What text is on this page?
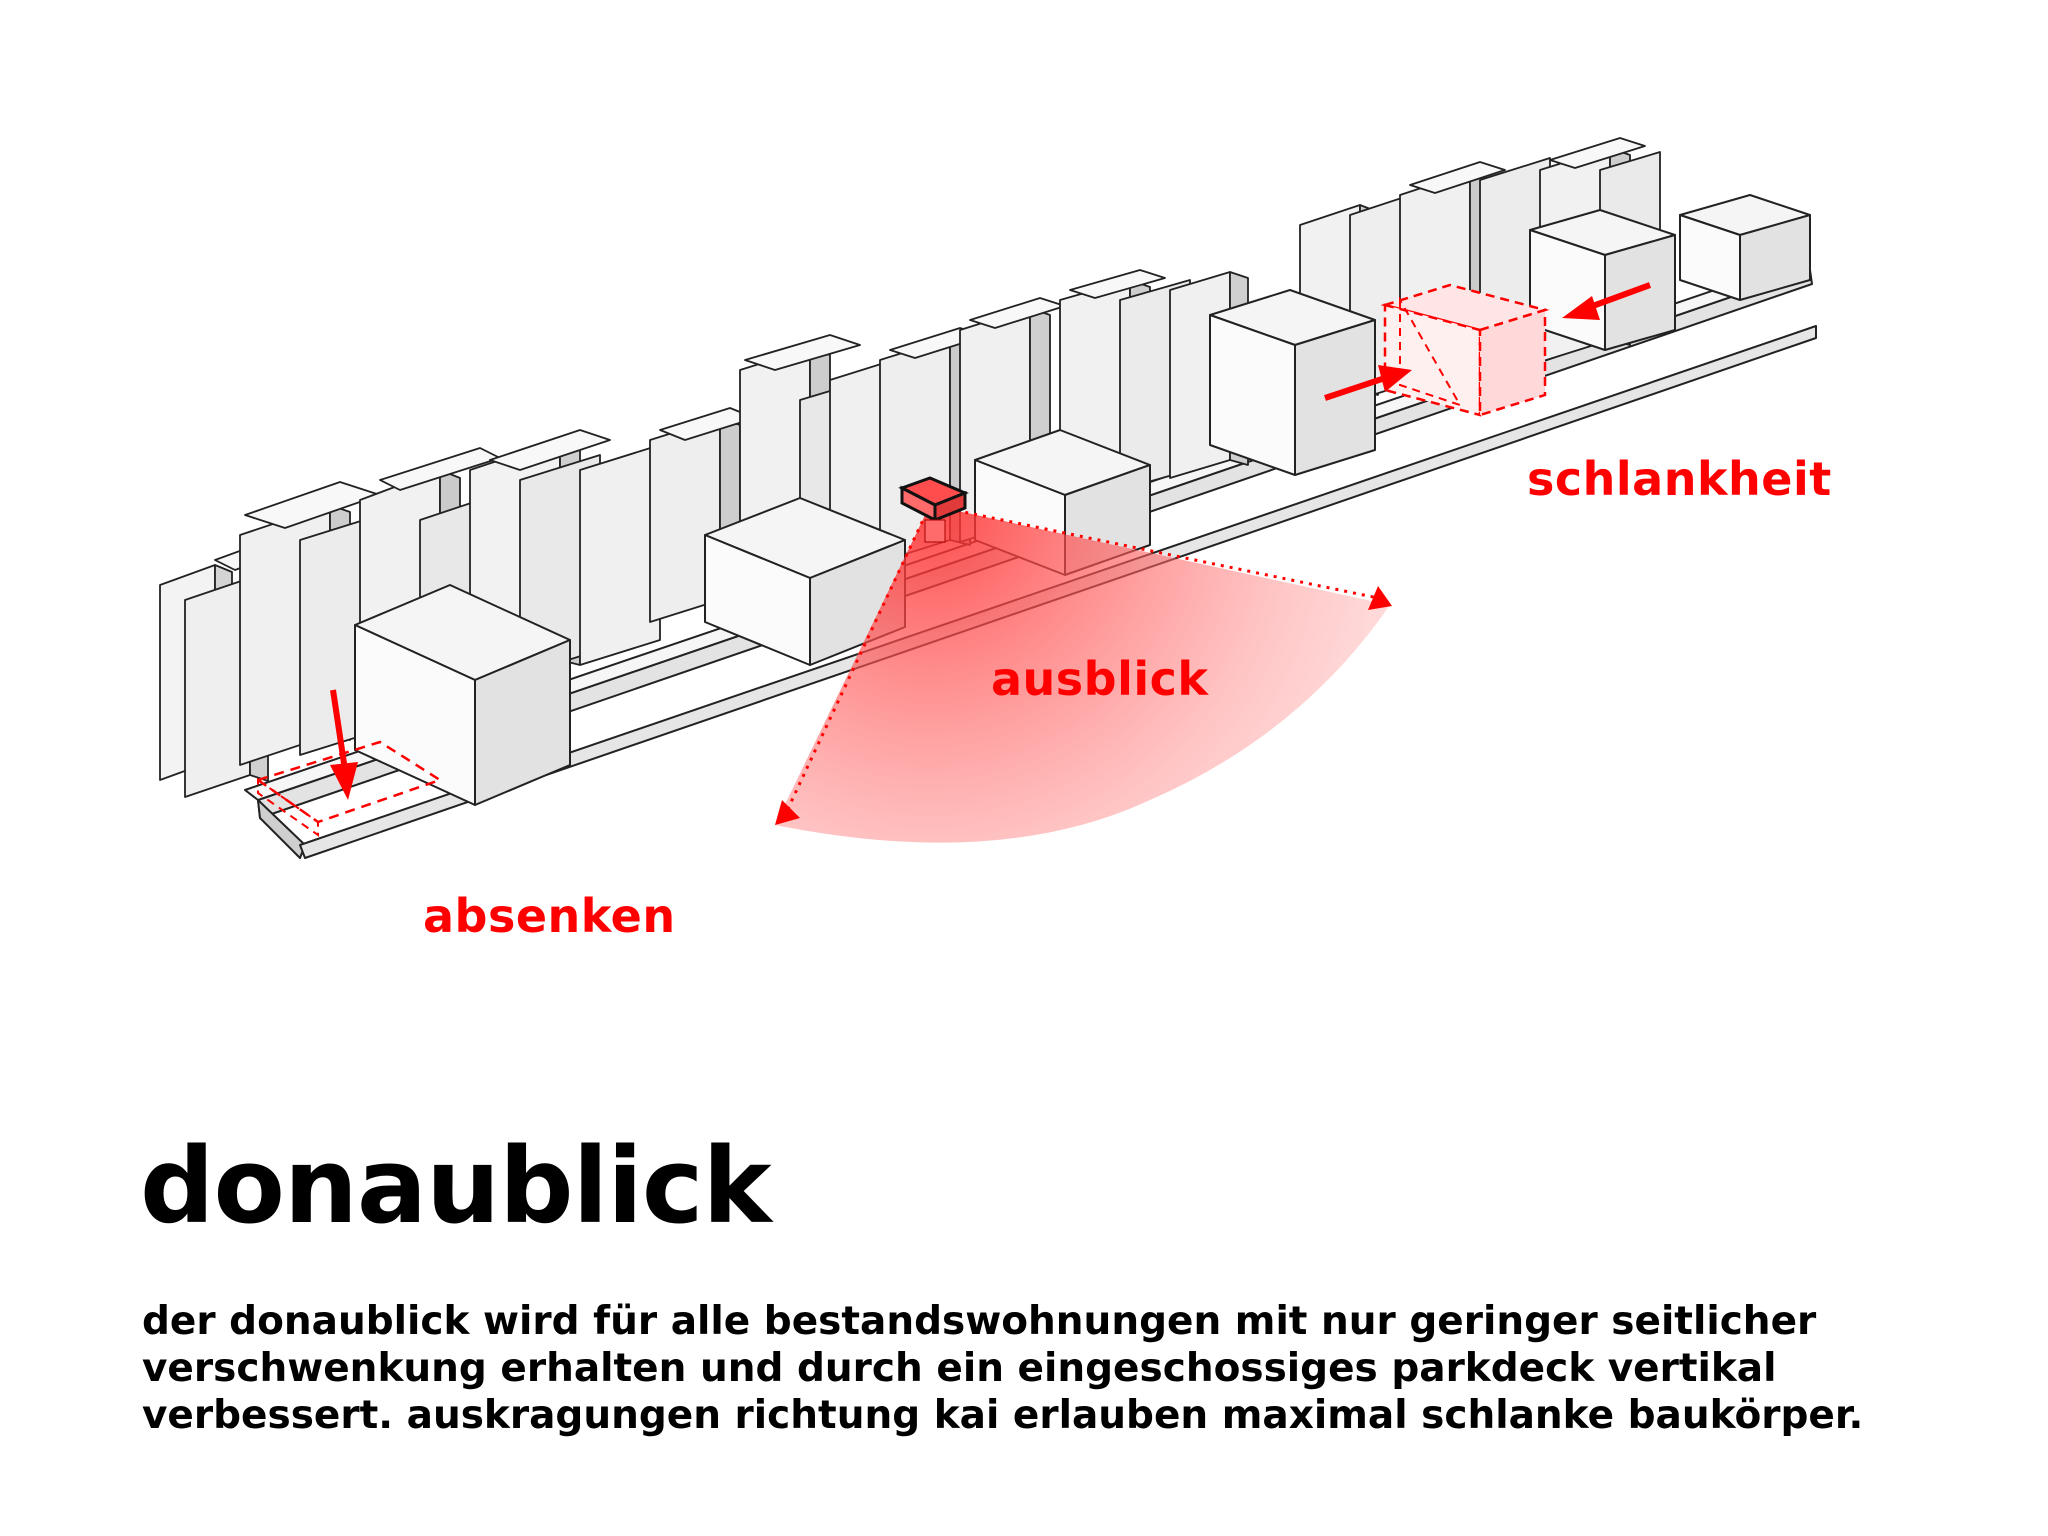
schlankheit
ausblick
absenken
donaublick

der donaublick wird für alle bestandswohnungen mit nur geringer seitlicher
verschwenkung erhalten und durch ein eingeschossiges parkdeck vertikal
verbessert. auskragungen richtung kai erlauben maximal schlanke baukörper.
